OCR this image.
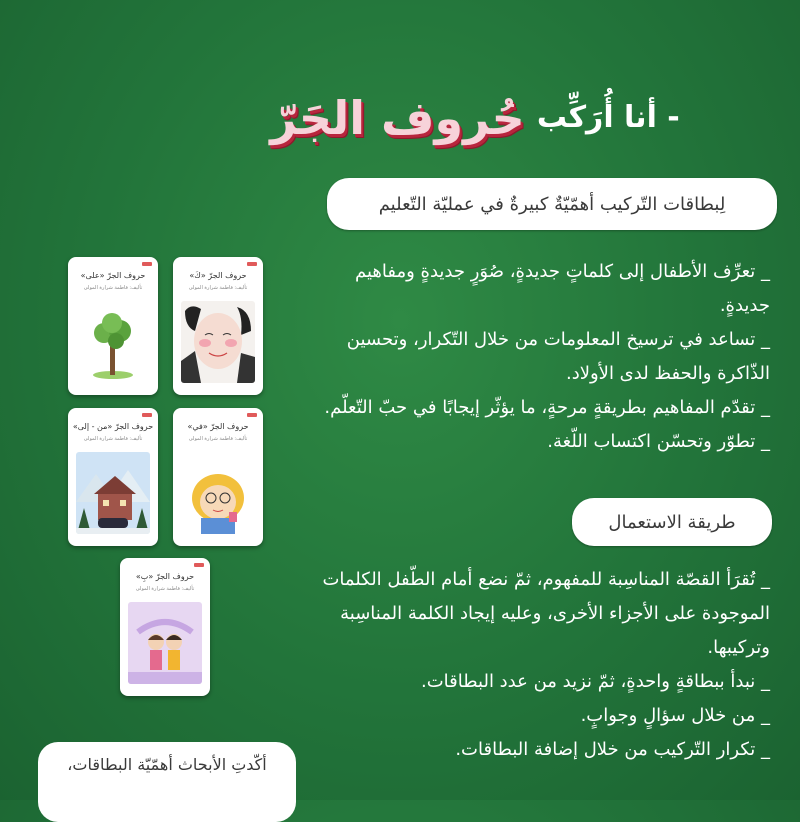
أنا أُرَكِّب -
حُروف الجَرّ
لِبطاقات التّركيب أهمّيّةٌ كبيرةٌ في عمليّة التّعليم
_ تعرِّف الأطفال إلى كلماتٍ جديدةٍ، صُوَرٍ جديدةٍ ومفاهيم
جديدةٍ.
_ تساعد في ترسيخ المعلومات من خلال التّكرار، وتحسين
الذّاكرة والحفظ لدى الأولاد.
_ تقدّم المفاهيم بطريقةٍ مرحةٍ، ما يؤثّر إيجابًا في حبّ التّعلّم.
_ تطوّر وتحسّن اكتساب اللّغة.
طريقة الاستعمال
_ تُقرَأ القصّة المناسِبة للمفهوم، ثمّ نضع أمام الطّفل الكلمات
الموجودة على الأجزاء الأخرى، وعليه إيجاد الكلمة المناسِبة
وتركيبها.
_ نبدأ ببطاقةٍ واحدةٍ، ثمّ نزيد من عدد البطاقات.
_ من خلال سؤالٍ وجوابٍ.
_ تكرار التّركيب من خلال إضافة البطاقات.
حروف الجرّ «كَ»
تأليف: فاطمة شرارة المولى
حروف الجرّ «على»
تأليف: فاطمة شرارة المولى
حروف الجرّ «في»
تأليف: فاطمة شرارة المولى
حروف الجرّ «من - إلى»
تأليف: فاطمة شرارة المولى
حروف الجرّ «بِ»
تأليف: فاطمة شرارة المولى
أكّدتِ الأبحاث أهمّيّة البطاقات،
